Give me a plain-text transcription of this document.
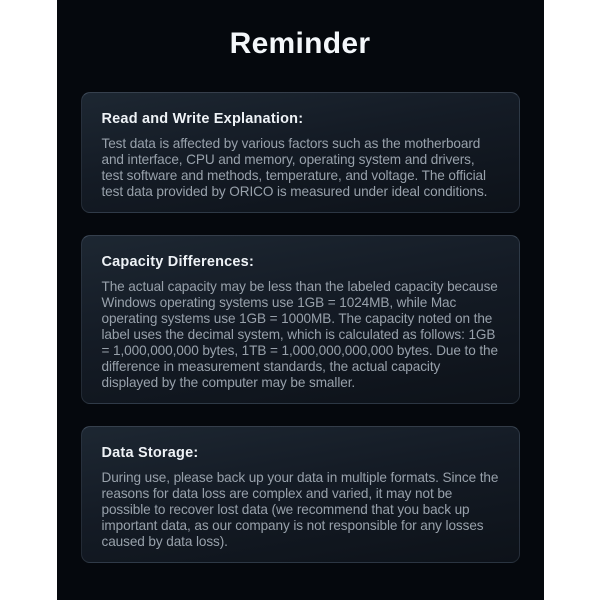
Reminder
Read and Write Explanation:

Test data is affected by various factors such as the motherboard and interface, CPU and memory, operating system and drivers, test software and methods, temperature, and voltage. The official test data provided by ORICO is measured under ideal conditions.

Capacity Differences:

The actual capacity may be less than the labeled capacity because Windows operating systems use 1GB = 1024MB, while Mac operating systems use 1GB = 1000MB. The capacity noted on the label uses the decimal system, which is calculated as follows: 1GB = 1,000,000,000 bytes, 1TB = 1,000,000,000,000 bytes. Due to the difference in measurement standards, the actual capacity displayed by the computer may be smaller.

Data Storage:

During use, please back up your data in multiple formats. Since the reasons for data loss are complex and varied, it may not be possible to recover lost data (we recommend that you back up important data, as our company is not responsible for any losses caused by data loss).
